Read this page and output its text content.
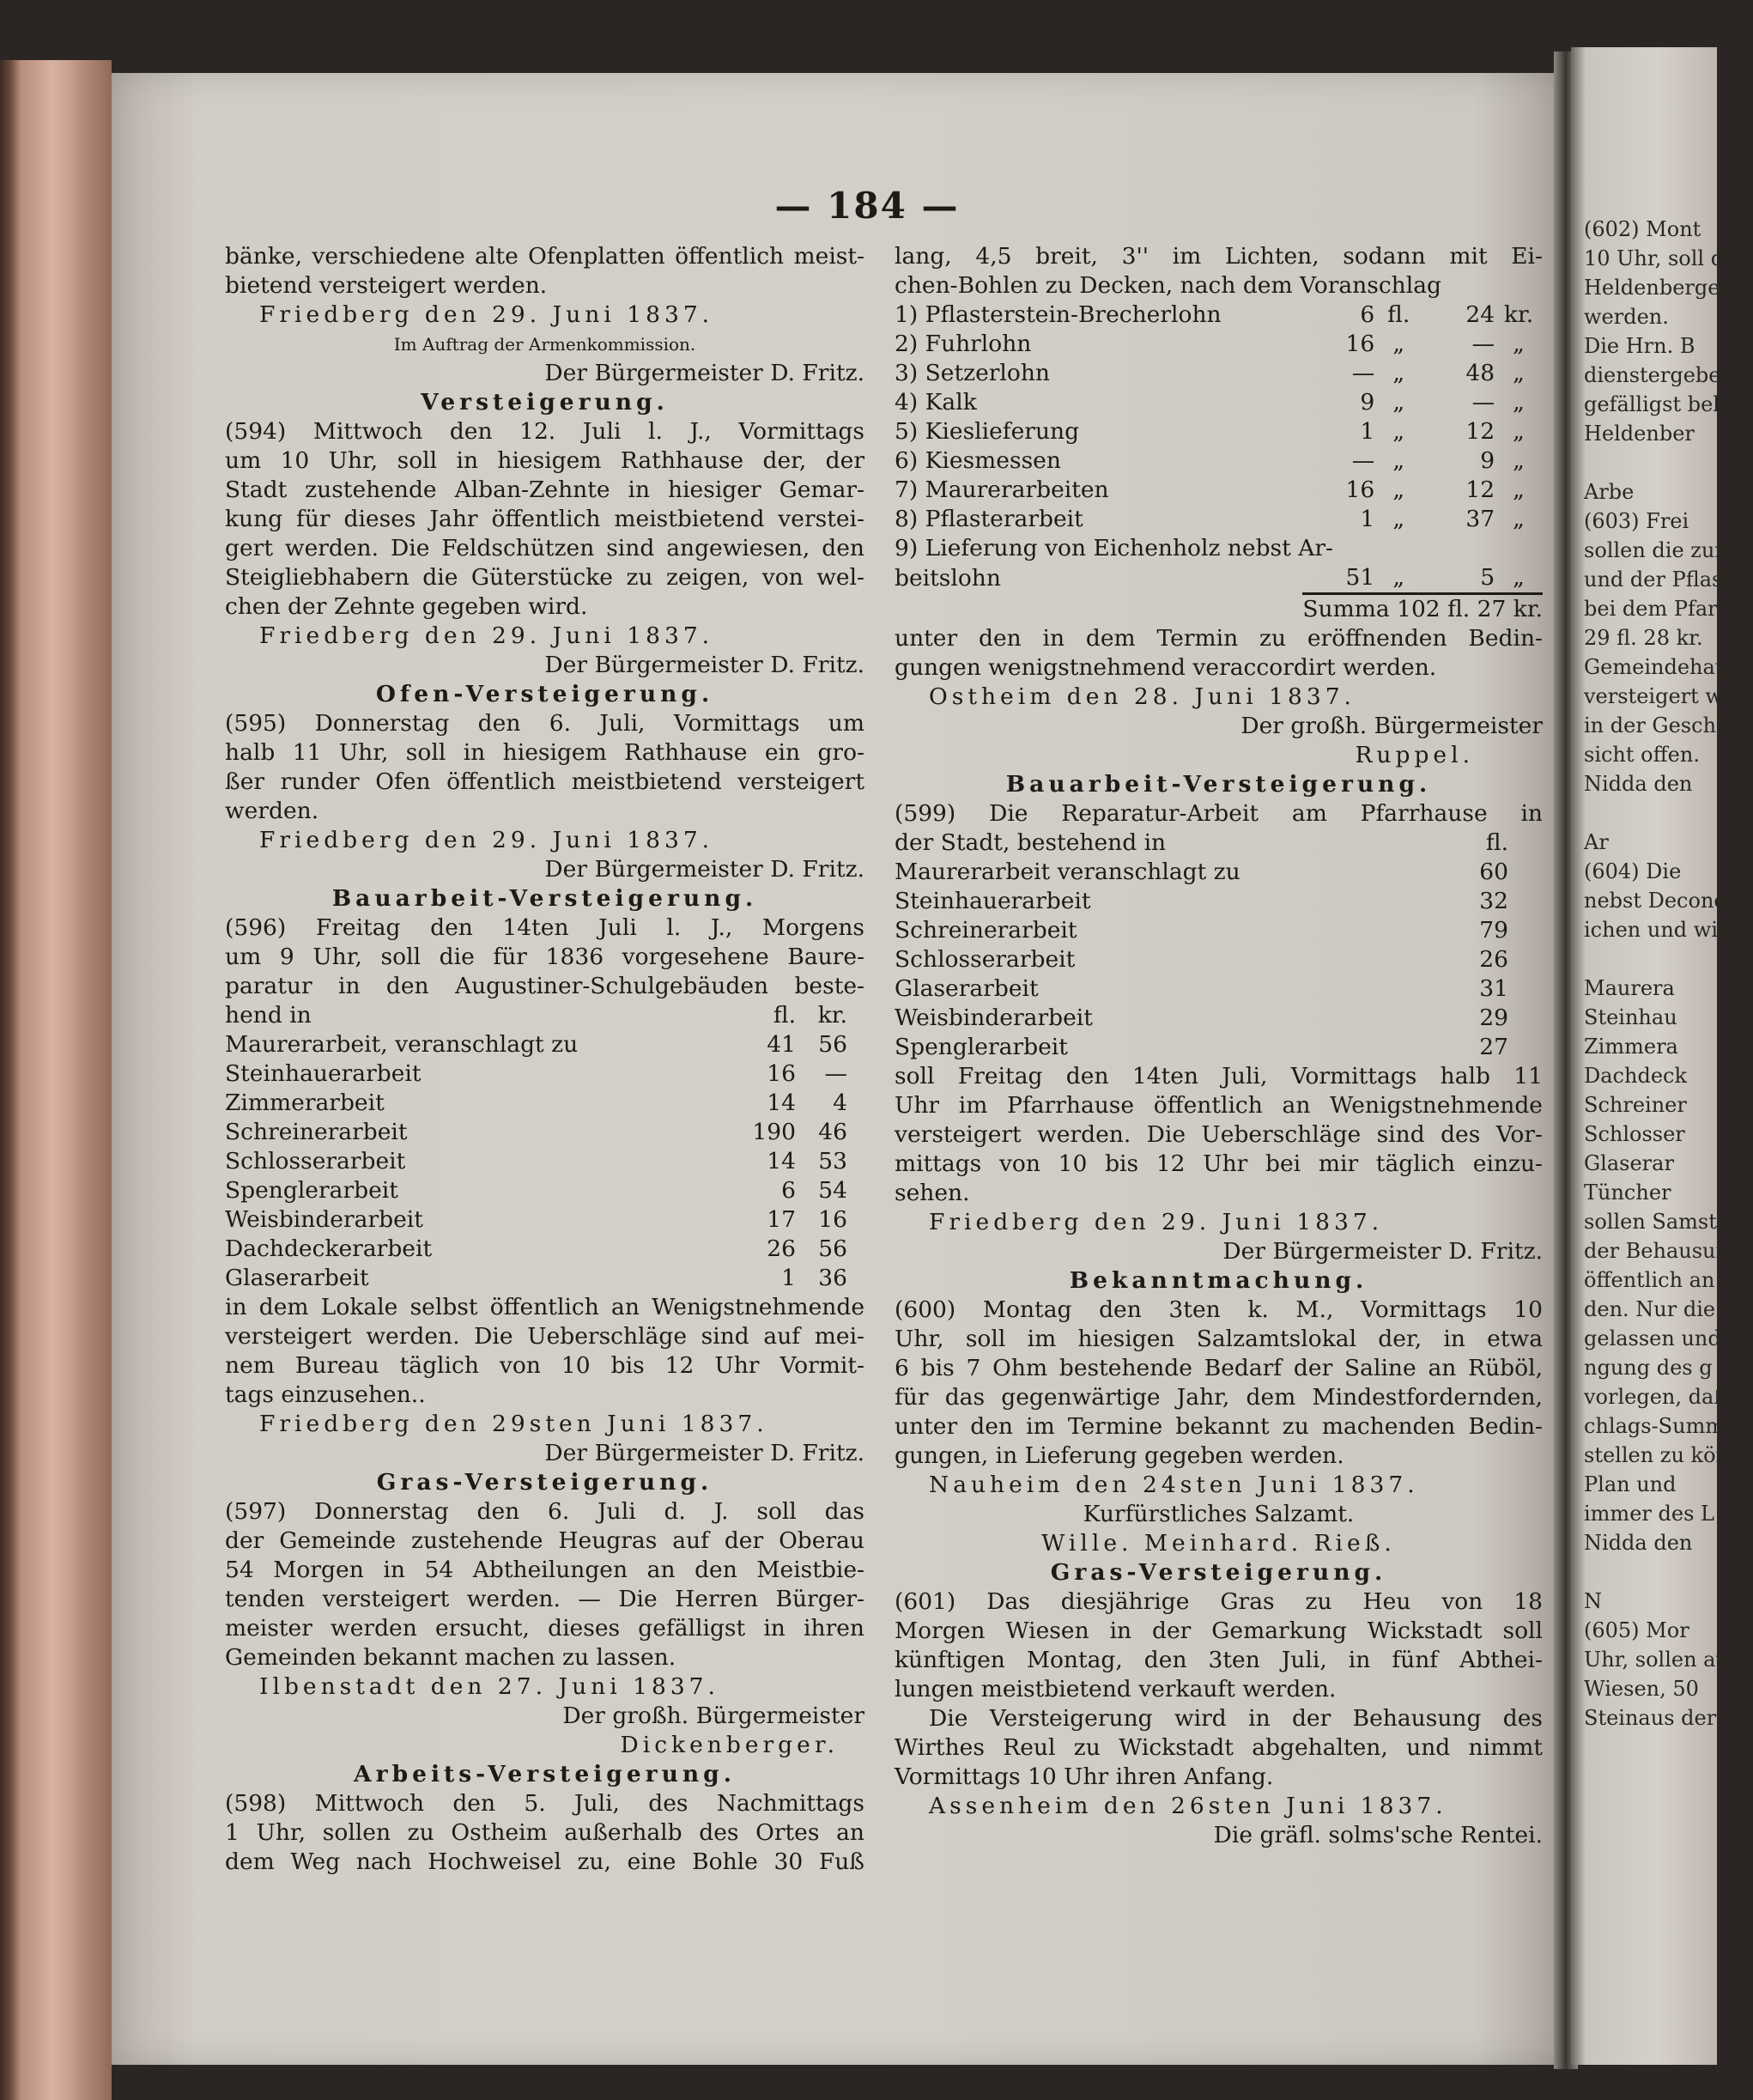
— 184 —
bänke, verschiedene alte Ofenplatten öffentlich meist-
bietend versteigert werden.
Friedberg den 29. Juni 1837.
Im Auftrag der Armenkommission.
Der Bürgermeister D. Fritz.
Versteigerung.
(594) Mittwoch den 12. Juli l. J., Vormittags
um 10 Uhr, soll in hiesigem Rathhause der, der
Stadt zustehende Alban-Zehnte in hiesiger Gemar-
kung für dieses Jahr öffentlich meistbietend verstei-
gert werden. Die Feldschützen sind angewiesen, den
Steigliebhabern die Güterstücke zu zeigen, von wel-
chen der Zehnte gegeben wird.
Friedberg den 29. Juni 1837.
Der Bürgermeister D. Fritz.
Ofen-Versteigerung.
(595) Donnerstag den 6. Juli, Vormittags um
halb 11 Uhr, soll in hiesigem Rathhause ein gro-
ßer runder Ofen öffentlich meistbietend versteigert
werden.
Friedberg den 29. Juni 1837.
Der Bürgermeister D. Fritz.
Bauarbeit-Versteigerung.
(596) Freitag den 14ten Juli l. J., Morgens
um 9 Uhr, soll die für 1836 vorgesehene Baure-
paratur in den Augustiner-Schulgebäuden beste-
hend in	fl.	kr.	
Maurerarbeit, veranschlagt zu	41	56	
Steinhauerarbeit	16	—	
Zimmerarbeit	14	4	
Schreinerarbeit	190	46	
Schlosserarbeit	14	53	
Spenglerarbeit	6	54	
Weisbinderarbeit	17	16	
Dachdeckerarbeit	26	56	
Glaserarbeit	1	36	
in dem Lokale selbst öffentlich an Wenigstnehmende
versteigert werden. Die Ueberschläge sind auf mei-
nem Bureau täglich von 10 bis 12 Uhr Vormit-
tags einzusehen..
Friedberg den 29sten Juni 1837.
Der Bürgermeister D. Fritz.
Gras-Versteigerung.
(597) Donnerstag den 6. Juli d. J. soll das
der Gemeinde zustehende Heugras auf der Oberau
54 Morgen in 54 Abtheilungen an den Meistbie-
tenden versteigert werden. — Die Herren Bürger-
meister werden ersucht, dieses gefälligst in ihren
Gemeinden bekannt machen zu lassen.
Ilbenstadt den 27. Juni 1837.
Der großh. Bürgermeister
Dickenberger.
Arbeits-Versteigerung.
(598) Mittwoch den 5. Juli, des Nachmittags
1 Uhr, sollen zu Ostheim außerhalb des Ortes an
dem Weg nach Hochweisel zu, eine Bohle 30 Fuß
lang, 4,5 breit, 3'' im Lichten, sodann mit Ei-
chen-Bohlen zu Decken, nach dem Voranschlag
1) Pflasterstein-Brecherlohn	6	fl.	24	kr.
2) Fuhrlohn	16	„	—	„
3) Setzerlohn	—	„	48	„
4) Kalk	9	„	—	„
5) Kieslieferung	1	„	12	„
6) Kiesmessen	—	„	9	„
7) Maurerarbeiten	16	„	12	„
8) Pflasterarbeit	1	„	37	„
9) Lieferung von Eichenholz nebst Ar-				
beitslohn	51	„	5	„
	Summa 102 fl. 27 kr.			
unter den in dem Termin zu eröffnenden Bedin-
gungen wenigstnehmend veraccordirt werden.
Ostheim den 28. Juni 1837.
Der großh. Bürgermeister
Ruppel.
Bauarbeit-Versteigerung.
(599) Die Reparatur-Arbeit am Pfarrhause in
der Stadt, bestehend in	fl.	
Maurerarbeit veranschlagt zu	60	
Steinhauerarbeit	32	
Schreinerarbeit	79	
Schlosserarbeit	26	
Glaserarbeit	31	
Weisbinderarbeit	29	
Spenglerarbeit	27	
soll Freitag den 14ten Juli, Vormittags halb 11
Uhr im Pfarrhause öffentlich an Wenigstnehmende
versteigert werden. Die Ueberschläge sind des Vor-
mittags von 10 bis 12 Uhr bei mir täglich einzu-
sehen.
Friedberg den 29. Juni 1837.
Der Bürgermeister D. Fritz.
Bekanntmachung.
(600) Montag den 3ten k. M., Vormittags 10
Uhr, soll im hiesigen Salzamtslokal der, in etwa
6 bis 7 Ohm bestehende Bedarf der Saline an Rüböl,
für das gegenwärtige Jahr, dem Mindestfordernden,
unter den im Termine bekannt zu machenden Bedin-
gungen, in Lieferung gegeben werden.
Nauheim den 24sten Juni 1837.
Kurfürstliches Salzamt.
Wille. Meinhard. Rieß.
Gras-Versteigerung.
(601) Das diesjährige Gras zu Heu von 18
Morgen Wiesen in der Gemarkung Wickstadt soll
künftigen Montag, den 3ten Juli, in fünf Abthei-
lungen meistbietend verkauft werden.
Die Versteigerung wird in der Behausung des
Wirthes Reul zu Wickstadt abgehalten, und nimmt
Vormittags 10 Uhr ihren Anfang.
Assenheim den 26sten Juni 1837.
Die gräfl. solms'sche Rentei.
(602) Mont
10 Uhr, soll da
Heldenberger G
werden.
Die Hrn. B
dienstergebenst
gefälligst bekan
Heldenber
Arbe
(603) Frei
sollen die zur
und der Pflast
bei dem Pfar
29 fl. 28 kr.
Gemeindehause
versteigert wer
in der Geschäf
sicht offen.
Nidda den
Ar
(604) Die
nebst Deconom
ichen und wie
Maurera
Steinhau
Zimmera
Dachdeck
Schreiner
Schlosser
Glaserar
Tüncher
sollen Samsta
der Behausun
öffentlich an
den. Nur die
gelassen und f
ngung des g
vorlegen, daß
chlags-Summ
stellen zu kön
Plan und
immer des L
Nidda den
N
(605) Mor
Uhr, sollen au
Wiesen, 50
Steinaus der
